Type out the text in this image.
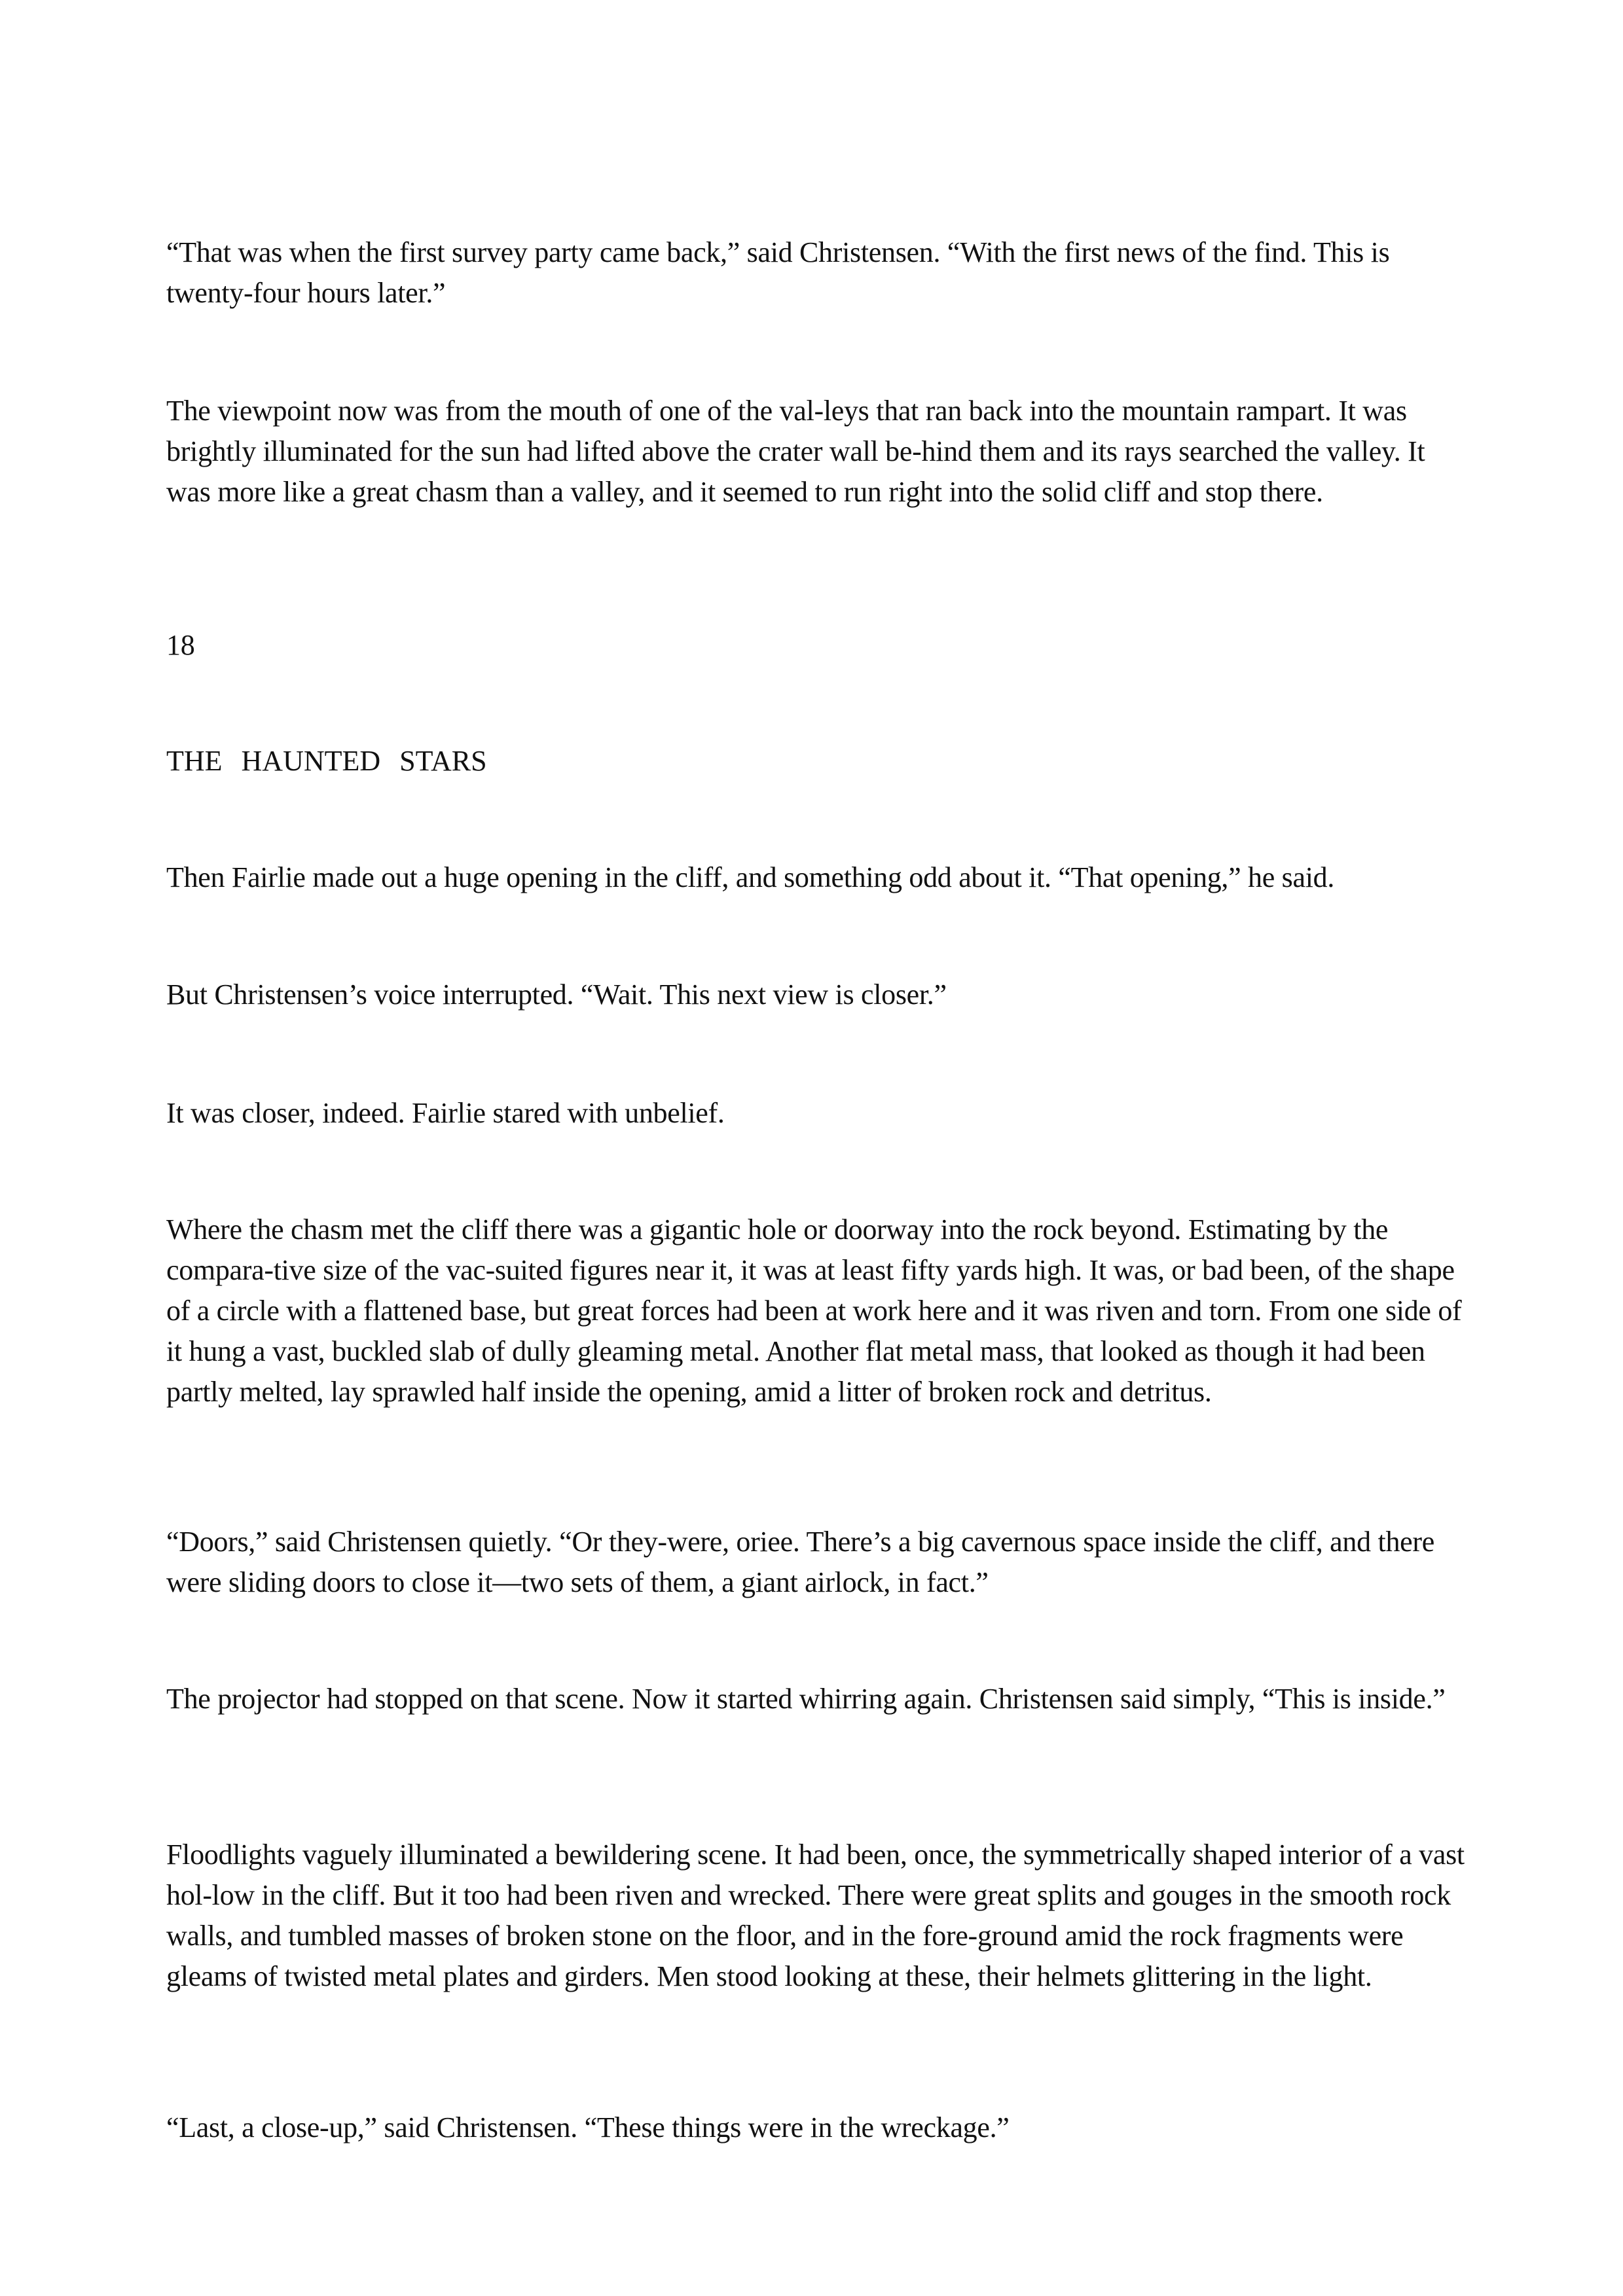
“That was when the first survey party came back,” said Christensen. “With the first news of the find. This is twenty-four hours later.”

The viewpoint now was from the mouth of one of the val-leys that ran back into the mountain rampart. It was brightly illuminated for the sun had lifted above the crater wall be-hind them and its rays searched the valley. It was more like a great chasm than a valley, and it seemed to run right into the solid cliff and stop there.

18

THE HAUNTED STARS

Then Fairlie made out a huge opening in the cliff, and something odd about it. “That opening,” he said.

But Christensen’s voice interrupted. “Wait. This next view is closer.”

It was closer, indeed. Fairlie stared with unbelief.

Where the chasm met the cliff there was a gigantic hole or doorway into the rock beyond. Estimating by the compara-tive size of the vac-suited figures near it, it was at least fifty yards high. It was, or bad been, of the shape of a circle with a flattened base, but great forces had been at work here and it was riven and torn. From one side of it hung a vast, buckled slab of dully gleaming metal. Another flat metal mass, that looked as though it had been partly melted, lay sprawled half inside the opening, amid a litter of broken rock and detritus.

“Doors,” said Christensen quietly. “Or they-were, oriee. There’s a big cavernous space inside the cliff, and there were sliding doors to close it—two sets of them, a giant airlock, in fact.”

The projector had stopped on that scene. Now it started whirring again. Christensen said simply, “This is inside.”

Floodlights vaguely illuminated a bewildering scene. It had been, once, the symmetrically shaped interior of a vast hol-low in the cliff. But it too had been riven and wrecked. There were great splits and gouges in the smooth rock walls, and tumbled masses of broken stone on the floor, and in the fore-ground amid the rock fragments were gleams of twisted metal plates and girders. Men stood looking at these, their helmets glittering in the light.

“Last, a close-up,” said Christensen. “These things were in the wreckage.”
